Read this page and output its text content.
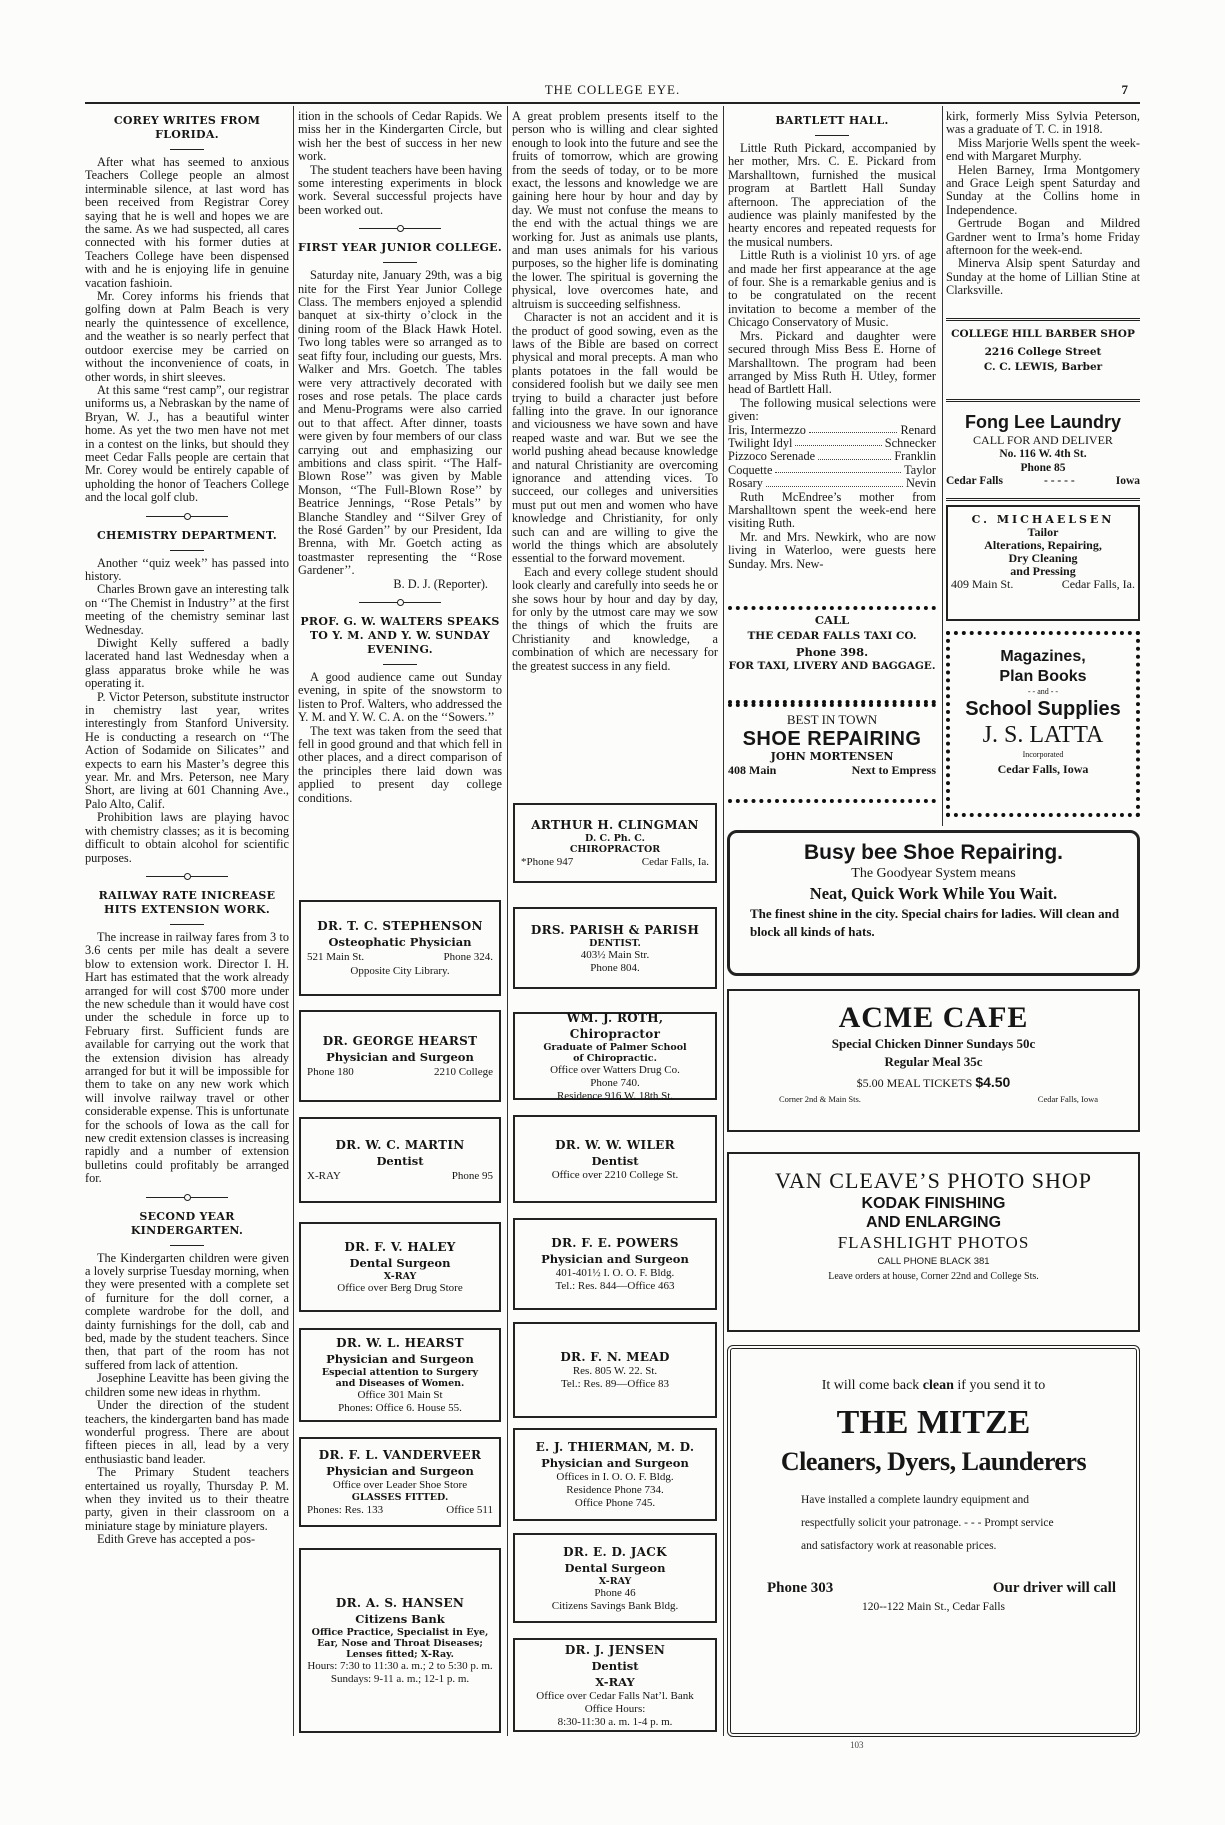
THE COLLEGE EYE.	7
COREY WRITES FROM FLORIDA.

After what has seemed to anxious Teachers College people an almost interminable silence, at last word has been received from Registrar Corey saying that he is well and hopes we are the same. As we had suspected, all cares connected with his former duties at Teachers College have been dispensed with and he is enjoying life in genuine vacation fashioin.

Mr. Corey informs his friends that golfing down at Palm Beach is very nearly the quintessence of excellence, and the weather is so nearly perfect that outdoor exercise mey be carried on without the inconvenience of coats, in other words, in shirt sleeves.

At this same “rest camp”, our registrar uniforms us, a Nebraskan by the name of Bryan, W. J., has a beautiful winter home. As yet the two men have not met in a contest on the links, but should they meet Cedar Falls people are certain that Mr. Corey would be entirely capable of upholding the honor of Teachers College and the local golf club.

CHEMISTRY DEPARTMENT.

Another ‘‘quiz week’’ has passed into history.

Charles Brown gave an interesting talk on ‘‘The Chemist in Industry’’ at the first meeting of the chemistry seminar last Wednesday.

Diwight Kelly suffered a badly lacerated hand last Wednesday when a glass apparatus broke while he was operating it.

P. Victor Peterson, substitute instructor in chemistry last year, writes interestingly from Stanford University. He is conducting a research on ‘‘The Action of Sodamide on Silicates’’ and expects to earn his Master’s degree this year. Mr. and Mrs. Peterson, nee Mary Short, are living at 601 Channing Ave., Palo Alto, Calif.

Prohibition laws are playing havoc with chemistry classes; as it is becoming difficult to obtain alcohol for scientific purposes.

RAILWAY RATE INICREASE HITS EXTENSION WORK.

The increase in railway fares from 3 to 3.6 cents per mile has dealt a severe blow to extension work. Director I. H. Hart has estimated that the work already arranged for will cost $700 more under the new schedule than it would have cost under the schedule in force up to February first. Sufficient funds are available for carrying out the work that the extension division has already arranged for but it will be impossible for them to take on any new work which will involve railway travel or other considerable expense. This is unfortunate for the schools of Iowa as the call for new credit extension classes is increasing rapidly and a number of extension bulletins could profitably be arranged for.

SECOND YEAR KINDERGARTEN.

The Kindergarten children were given a lovely surprise Tuesday morning, when they were presented with a complete set of furniture for the doll corner, a complete wardrobe for the doll, and dainty furnishings for the doll, cab and bed, made by the student teachers. Since then, that part of the room has not suffered from lack of attention.

Josephine Leavitte has been giving the children some new ideas in rhythm.

Under the direction of the student teachers, the kindergarten band has made wonderful progress. There are about fifteen pieces in all, lead by a very enthusiastic band leader.

The Primary Student teachers entertained us royally, Thursday P. M. when they invited us to their theatre party, given in their classroom on a miniature stage by miniature players.

Edith Greve has accepted a pos-

ition in the schools of Cedar Rapids. We miss her in the Kindergarten Circle, but wish her the best of success in her new work.

The student teachers have been having some interesting experiments in block work. Several successful projects have been worked out.

FIRST YEAR JUNIOR COLLEGE.

Saturday nite, January 29th, was a big nite for the First Year Junior College Class. The members enjoyed a splendid banquet at six-thirty o’clock in the dining room of the Black Hawk Hotel. Two long tables were so arranged as to seat fifty four, including our guests, Mrs. Walker and Mrs. Goetch. The tables were very attractively decorated with roses and rose petals. The place cards and Menu-Programs were also carried out to that affect. After dinner, toasts were given by four members of our class carrying out and emphasizing our ambitions and class spirit. ‘‘The Half-Blown Rose’’ was given by Mable Monson, ‘‘The Full-Blown Rose’’ by Beatrice Jennings, ‘‘Rose Petals’’ by Blanche Standley and ‘‘Silver Grey of the Rosé Garden’’ by our President, Ida Brenna, with Mr. Goetch acting as toastmaster representing the ‘‘Rose Gardener’’.

B. D. J. (Reporter).

PROF. G. W. WALTERS SPEAKS TO Y. M. AND Y. W. SUNDAY EVENING.

A good audience came out Sunday evening, in spite of the snowstorm to listen to Prof. Walters, who addressed the Y. M. and Y. W. C. A. on the ‘‘Sowers.’’

The text was taken from the seed that fell in good ground and that which fell in other places, and a direct comparison of the principles there laid down was applied to present day college conditions.

A great problem presents itself to the person who is willing and clear sighted enough to look into the future and see the fruits of tomorrow, which are growing from the seeds of today, or to be more exact, the lessons and knowledge we are gaining here hour by hour and day by day. We must not confuse the means to the end with the actual things we are working for. Just as animals use plants, and man uses animals for his various purposes, so the higher life is dominating the lower. The spiritual is governing the physical, love overcomes hate, and altruism is succeeding selfishness.

Character is not an accident and it is the product of good sowing, even as the laws of the Bible are based on correct physical and moral precepts. A man who plants potatoes in the fall would be considered foolish but we daily see men trying to build a character just before falling into the grave. In our ignorance and viciousness we have sown and have reaped waste and war. But we see the world pushing ahead because knowledge and natural Christianity are overcoming ignorance and attending vices. To succeed, our colleges and universities must put out men and women who have knowledge and Christianity, for only such can and are willing to give the world the things which are absolutely essential to the forward movement.

Each and every college student should look clearly and carefully into seeds he or she sows hour by hour and day by day, for only by the utmost care may we sow the things of which the fruits are Christianity and knowledge, a combination of which are necessary for the greatest success in any field.

BARTLETT HALL.

Little Ruth Pickard, accompanied by her mother, Mrs. C. E. Pickard from Marshalltown, furnished the musical program at Bartlett Hall Sunday afternoon. The appreciation of the audience was plainly manifested by the hearty encores and repeated requests for the musical numbers.

Little Ruth is a violinist 10 yrs. of age and made her first appearance at the age of four. She is a remarkable genius and is to be congratulated on the recent invitation to become a member of the Chicago Conservatory of Music.

Mrs. Pickard and daughter were secured through Miss Bess E. Horne of Marshalltown. The program had been arranged by Miss Ruth H. Utley, former head of Bartlett Hall.

The following musical selections were given:

Iris, Intermezzo	Renard
Twilight Idyl	Schnecker
Pizzoco Serenade	Franklin
Coquette	Taylor
Rosary	Nevin

Ruth McEndree’s mother from Marshalltown spent the week-end here visiting Ruth.

Mr. and Mrs. Newkirk, who are now living in Waterloo, were guests here Sunday. Mrs. New-

kirk, formerly Miss Sylvia Peterson, was a graduate of T. C. in 1918.

Miss Marjorie Wells spent the week-end with Margaret Murphy.

Helen Barney, Irma Montgomery and Grace Leigh spent Saturday and Sunday at the Collins home in Independence.

Gertrude Bogan and Mildred Gardner went to Irma’s home Friday afternoon for the week-end.

Minerva Alsip spent Saturday and Sunday at the home of Lillian Stine at Clarksville.

DR. T. C. STEPHENSON
Osteophatic Physician
521 Main St.	Phone 324.
Opposite City Library.
DR. GEORGE HEARST
Physician and Surgeon
Phone 180	2210 College
DR. W. C. MARTIN
Dentist
X-RAY	Phone 95
DR. F. V. HALEY
Dental Surgeon
X-RAY
Office over Berg Drug Store
DR. W. L. HEARST
Physician and Surgeon
Especial attention to Surgery
and Diseases of Women.
Office 301 Main St
Phones: Office 6. House 55.
DR. F. L. VANDERVEER
Physician and Surgeon
Office over Leader Shoe Store
GLASSES FITTED.
Phones: Res. 133	Office 511
DR. A. S. HANSEN
Citizens Bank
Office Practice, Specialist in Eye, Ear, Nose and Throat Diseases;
Lenses fitted; X-Ray.
Hours: 7:30 to 11:30 a. m.; 2 to 5:30 p. m.
Sundays: 9-11 a. m.; 12-1 p. m.
ARTHUR H. CLINGMAN
D. C. Ph. C.
CHIROPRACTOR
*Phone 947	Cedar Falls, Ia.
DRS. PARISH & PARISH
DENTIST.
403½ Main Str.
Phone 804.
WM. J. ROTH, Chiropractor
Graduate of Palmer School
of Chiropractic.
Office over Watters Drug Co.
Phone 740.
Residence 916 W. 18th St.
DR. W. W. WILER
Dentist
Office over 2210 College St.
DR. F. E. POWERS
Physician and Surgeon
401-401½ I. O. O. F. Bldg.
Tel.: Res. 844—Office 463
DR. F. N. MEAD
Res. 805 W. 22. St.
Tel.: Res. 89—Office 83
E. J. THIERMAN, M. D.
Physician and Surgeon
Offices in I. O. O. F. Bldg.
Residence Phone 734.
Office Phone 745.
DR. E. D. JACK
Dental Surgeon
X-RAY
Phone 46
Citizens Savings Bank Bldg.
DR. J. JENSEN
Dentist
X-RAY
Office over Cedar Falls Nat’l. Bank
Office Hours:
8:30-11:30 a. m. 1-4 p. m.
CALL
THE CEDAR FALLS TAXI CO.
Phone 398.
FOR TAXI, LIVERY AND BAGGAGE.
BEST IN TOWN
SHOE REPAIRING
JOHN MORTENSEN
408 Main	Next to Empress
COLLEGE HILL BARBER SHOP
2216 College Street
C. C. LEWIS, Barber
Fong Lee Laundry
CALL FOR AND DELIVER
No. 116 W. 4th St.
Phone 85
Cedar Falls	- - - - -	Iowa
C. MICHAELSEN
Tailor
Alterations, Repairing,
Dry Cleaning
and Pressing
409 Main St.	Cedar Falls, Ia.
Magazines,
Plan Books
- - and - -
School Supplies
J. S. LATTA
Incorporated
Cedar Falls, Iowa
Busy bee Shoe Repairing.
The Goodyear System means
Neat, Quick Work While You Wait.
The finest shine in the city. Special chairs for ladies. Will clean and block all kinds of hats.
ACME CAFE
Special Chicken Dinner Sundays 50c
Regular Meal 35c
$5.00 MEAL TICKETS $4.50
Corner 2nd & Main Sts.	Cedar Falls, Iowa
VAN CLEAVE’S PHOTO SHOP
KODAK FINISHING
AND ENLARGING
FLASHLIGHT PHOTOS
CALL PHONE BLACK 381
Leave orders at house, Corner 22nd and College Sts.
It will come back clean if you send it to
THE MITZE
Cleaners, Dyers, Launderers
Have installed a complete laundry equipment and respectfully solicit your patronage. - - - Prompt service and satisfactory work at reasonable prices.
Phone 303	Our driver will call
120--122 Main St., Cedar Falls
103
